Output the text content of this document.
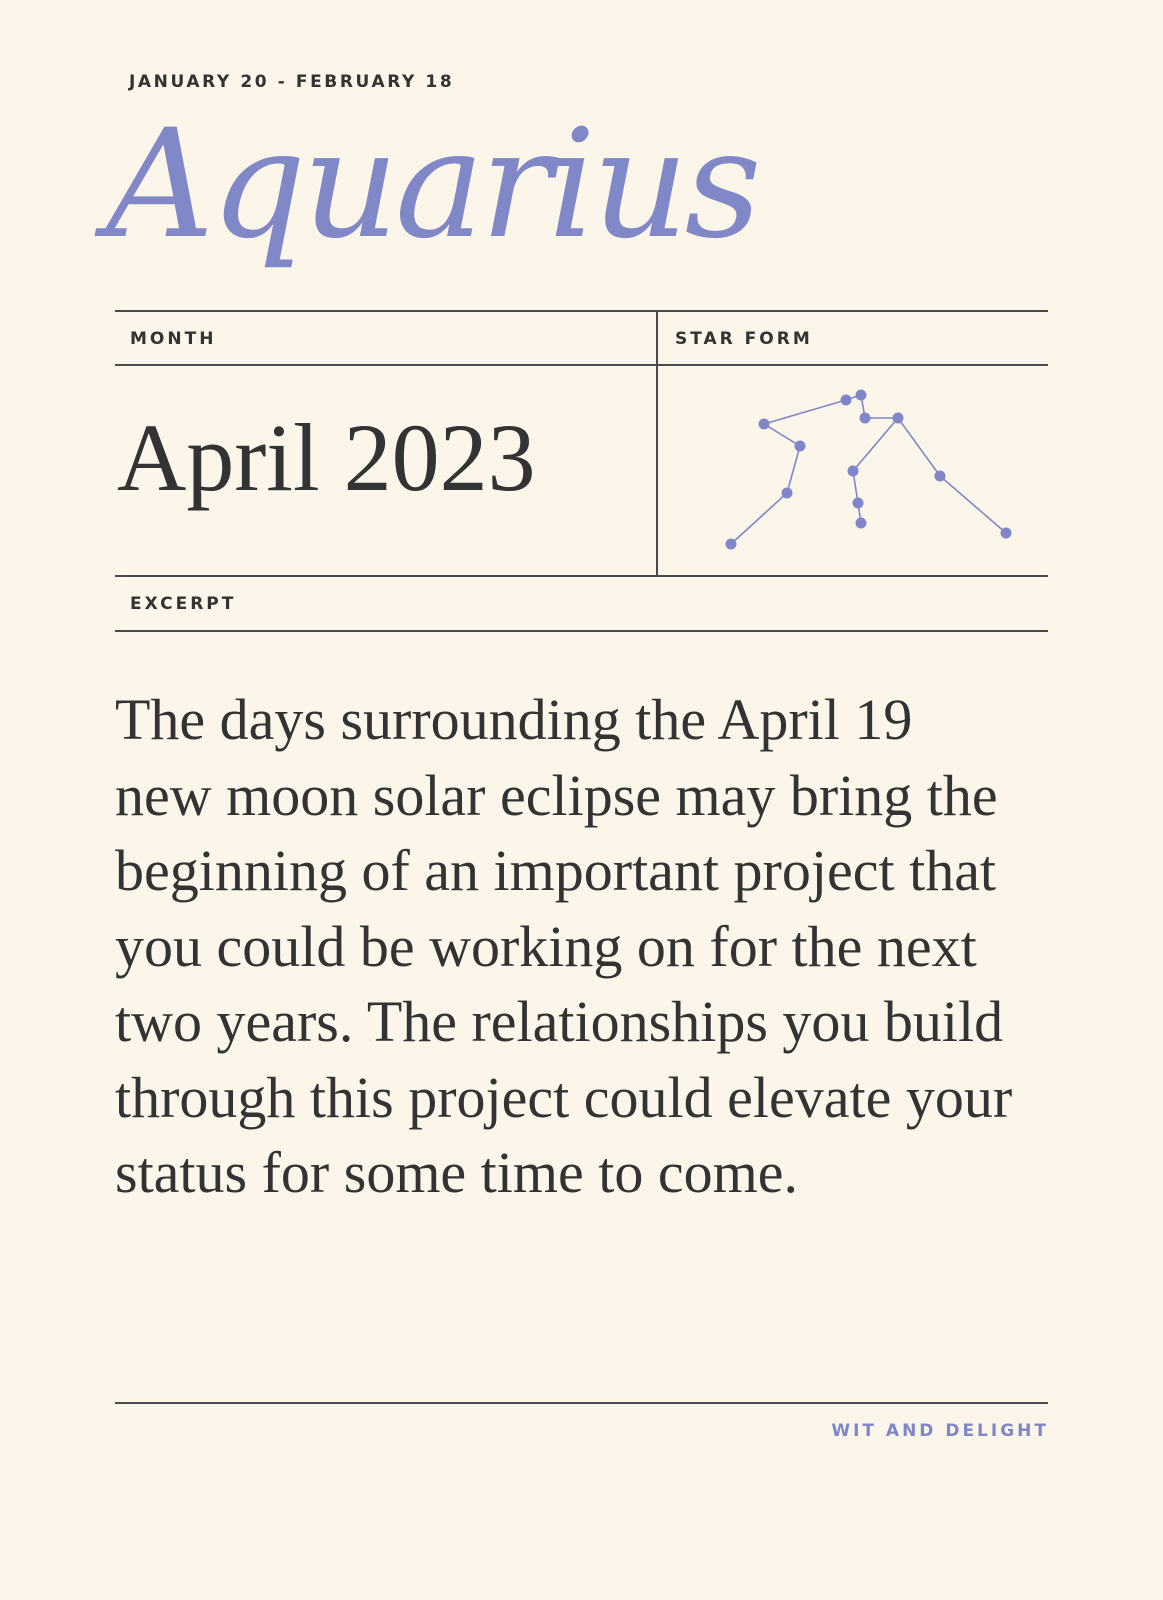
JANUARY 20 - FEBRUARY 18
Aquarius
MONTH	STAR FORM
April 2023
EXCERPT

The days surrounding the April 19 new moon solar eclipse may bring the beginning of an important project that you could be working on for the next two years. The relationships you build through this project could elevate your status for some time to come.

WIT AND DELIGHT
